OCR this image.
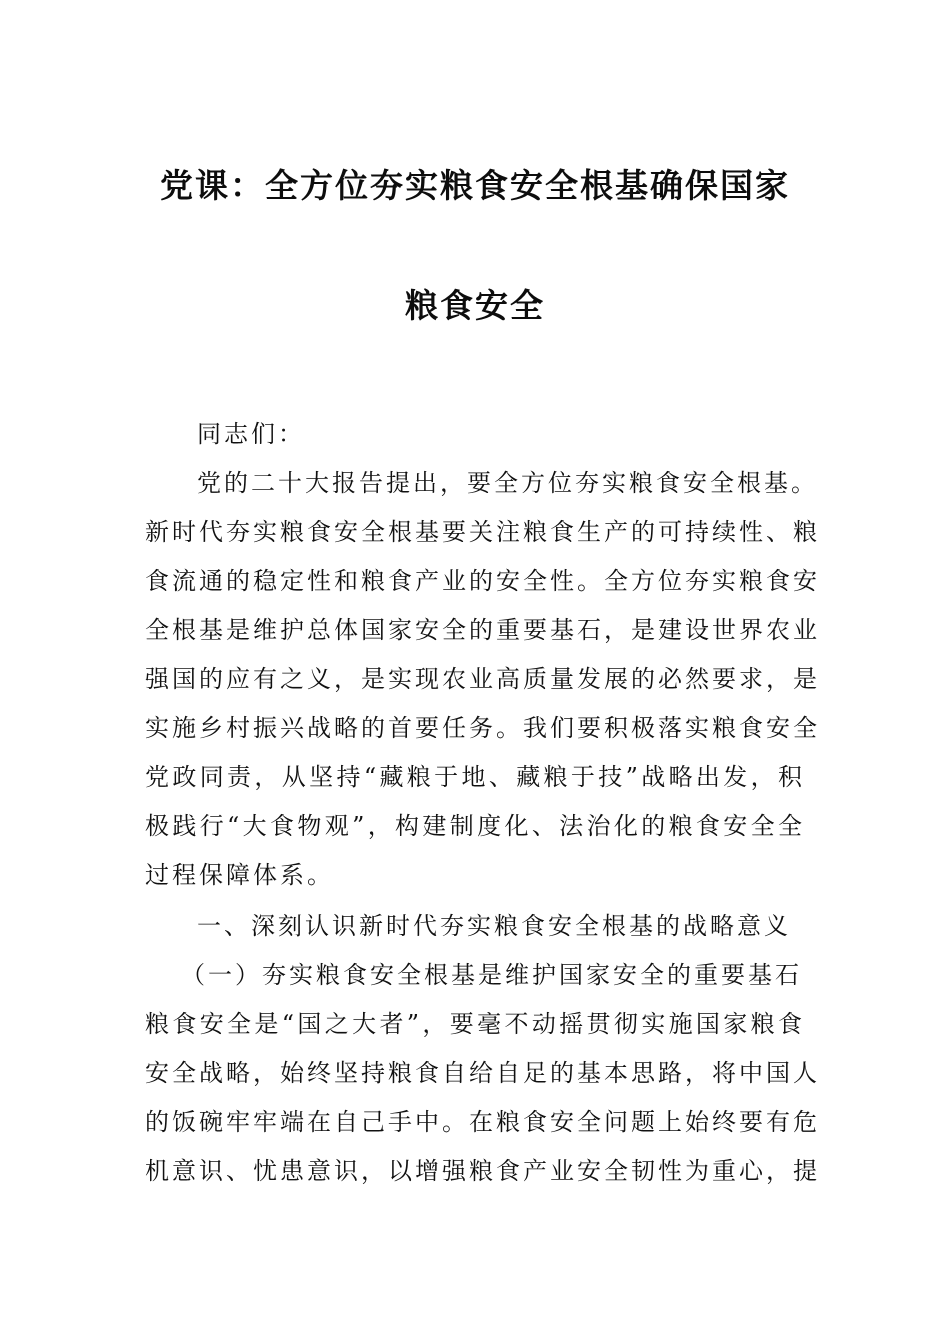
党课：全方位夯实粮食安全根基确保国家
粮食安全
同志们：
党的二十大报告提出，要全方位夯实粮食安全根基。
新时代夯实粮食安全根基要关注粮食生产的可持续性、粮
食流通的稳定性和粮食产业的安全性。全方位夯实粮食安
全根基是维护总体国家安全的重要基石，是建设世界农业
强国的应有之义，是实现农业高质量发展的必然要求，是
实施乡村振兴战略的首要任务。我们要积极落实粮食安全
党政同责，从坚持“藏粮于地、藏粮于技”战略出发，积
极践行“大食物观”，构建制度化、法治化的粮食安全全
过程保障体系。
一、深刻认识新时代夯实粮食安全根基的战略意义
（一）夯实粮食安全根基是维护国家安全的重要基石
粮食安全是“国之大者”，要毫不动摇贯彻实施国家粮食
安全战略，始终坚持粮食自给自足的基本思路，将中国人
的饭碗牢牢端在自己手中。在粮食安全问题上始终要有危
机意识、忧患意识，以增强粮食产业安全韧性为重心，提
